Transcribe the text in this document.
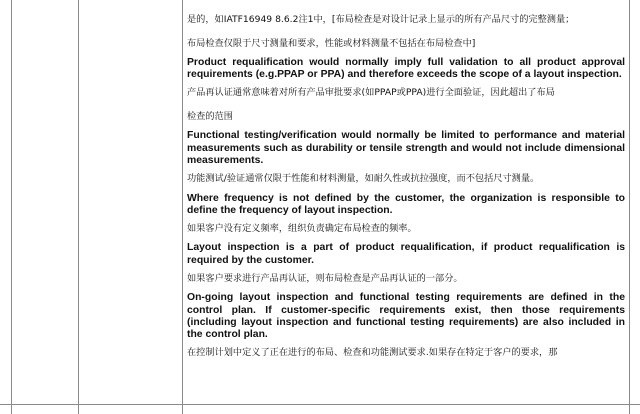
是的，如IATF16949 8.6.2注1中，[布局检查是对设计记录上显示的所有产品尺寸的完整测量；

布局检查仅限于尺寸测量和要求，性能或材料测量不包括在布局检查中]

Product requalification would normally imply full validation to all product approval requirements (e.g.PPAP or PPA) and therefore exceeds the scope of a layout inspection.

产品再认证通常意味着对所有产品审批要求(如PPAP或PPA)进行全面验证，因此超出了布局

检查的范围

Functional testing/verification would normally be limited to performance and material measurements such as durability or tensile strength and would not include dimensional measurements.

功能测试/验证通常仅限于性能和材料测量，如耐久性或抗拉强度，而不包括尺寸测量。

Where frequency is not defined by the customer, the organization is responsible to define the frequency of layout inspection.

如果客户没有定义频率，组织负责确定布局检查的频率。

Layout inspection is a part of product requalification, if product requalification is required by the customer.

如果客户要求进行产品再认证，则布局检查是产品再认证的一部分。

On-going layout inspection and functional testing requirements are defined in the control plan. If customer-specific requirements exist, then those requirements (including layout inspection and functional testing requirements) are also included in the control plan.

在控制计划中定义了正在进行的布局、检查和功能测试要求.如果存在特定于客户的要求，那
